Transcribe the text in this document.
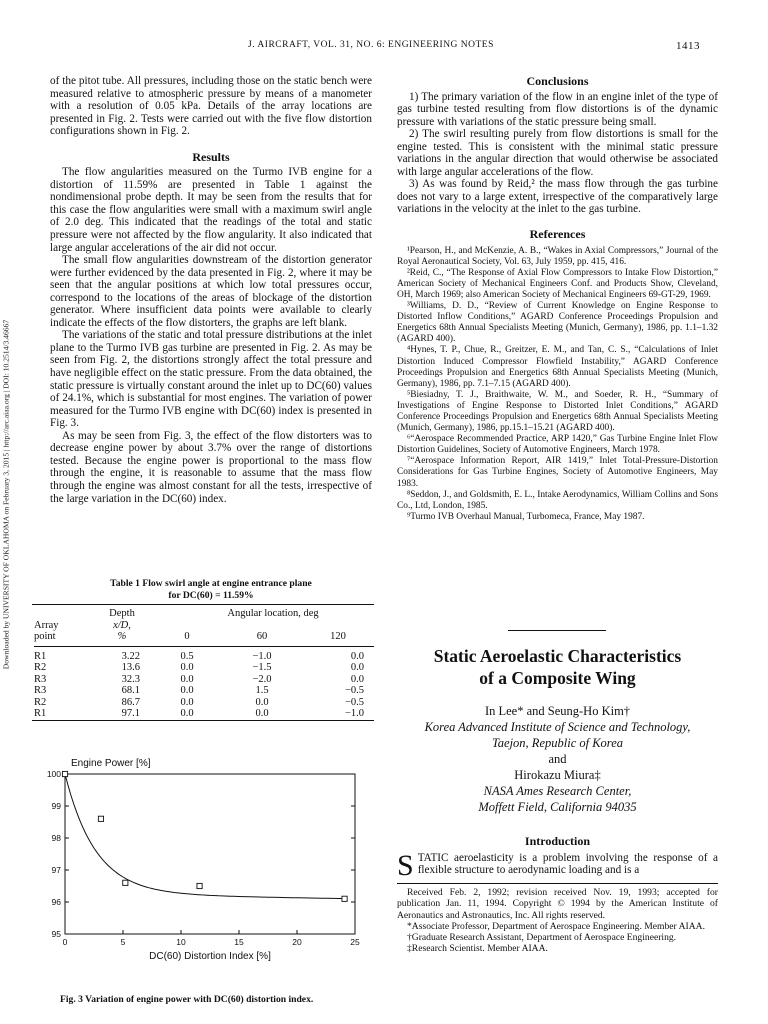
J. AIRCRAFT, VOL. 31, NO. 6: ENGINEERING NOTES	1413
Downloaded by UNIVERSITY OF OKLAHOMA on February 3, 2015 | http://arc.aiaa.org | DOI: 10.2514/3.46667

of the pitot tube. All pressures, including those on the static bench were measured relative to atmospheric pressure by means of a manometer with a resolution of 0.05 kPa. Details of the array locations are presented in Fig. 2. Tests were carried out with the five flow distortion configurations shown in Fig. 2.

Results

The flow angularities measured on the Turmo IVB engine for a distortion of 11.59% are presented in Table 1 against the nondimensional probe depth. It may be seen from the results that for this case the flow angularities were small with a maximum swirl angle of 2.0 deg. This indicated that the readings of the total and static pressure were not affected by the flow angularity. It also indicated that large angular accelerations of the air did not occur.

The small flow angularities downstream of the distortion generator were further evidenced by the data presented in Fig. 2, where it may be seen that the angular positions at which low total pressures occur, correspond to the locations of the areas of blockage of the distortion generator. Where insufficient data points were available to clearly indicate the effects of the flow distorters, the graphs are left blank.

The variations of the static and total pressure distributions at the inlet plane to the Turmo IVB gas turbine are presented in Fig. 2. As may be seen from Fig. 2, the distortions strongly affect the total pressure and have negligible effect on the static pressure. From the data obtained, the static pressure is virtually constant around the inlet up to DC(60) values of 24.1%, which is substantial for most engines. The variation of power measured for the Turmo IVB engine with DC(60) index is presented in Fig. 3.

As may be seen from Fig. 3, the effect of the flow distorters was to decrease engine power by about 3.7% over the range of distortions tested. Because the engine power is proportional to the mass flow through the engine, it is reasonable to assume that the mass flow through the engine was almost constant for all the tests, irrespective of the large variation in the DC(60) index.

Table 1 Flow swirl angle at engine entrance plane
for DC(60) = 11.59%
	Depth	Angular location, deg		
Array	x/D,			
point	%	0	60	120

R1	3.22	0.5	−1.0	0.0
R2	13.6	0.0	−1.5	0.0
R3	32.3	0.0	−2.0	0.0
R3	68.1	0.0	1.5	−0.5
R2	86.7	0.0	0.0	−0.5
R1	97.1	0.0	0.0	−1.0
95
96
97
98
99
100
0	5	10	15	20	25
Engine Power [%]
DC(60) Distortion Index [%]
Fig. 3 Variation of engine power with DC(60) distortion index.

Conclusions

1) The primary variation of the flow in an engine inlet of the type of gas turbine tested resulting from flow distortions is of the dynamic pressure with variations of the static pressure being small.

2) The swirl resulting purely from flow distortions is small for the engine tested. This is consistent with the minimal static pressure variations in the angular direction that would otherwise be associated with large angular accelerations of the flow.

3) As was found by Reid,² the mass flow through the gas turbine does not vary to a large extent, irrespective of the comparatively large variations in the velocity at the inlet to the gas turbine.

References

¹Pearson, H., and McKenzie, A. B., “Wakes in Axial Compressors,” Journal of the Royal Aeronautical Society, Vol. 63, July 1959, pp. 415, 416.

²Reid, C., “The Response of Axial Flow Compressors to Intake Flow Distortion,” American Society of Mechanical Engineers Conf. and Products Show, Cleveland, OH, March 1969; also American Society of Mechanical Engineers 69-GT-29, 1969.

³Williams, D. D., “Review of Current Knowledge on Engine Response to Distorted Inflow Conditions,” AGARD Conference Proceedings Propulsion and Energetics 68th Annual Specialists Meeting (Munich, Germany), 1986, pp. 1.1–1.32 (AGARD 400).

⁴Hynes, T. P., Chue, R., Greitzer, E. M., and Tan, C. S., “Calculations of Inlet Distortion Induced Compressor Flowfield Instability,” AGARD Conference Proceedings Propulsion and Energetics 68th Annual Specialists Meeting (Munich, Germany), 1986, pp. 7.1–7.15 (AGARD 400).

⁵Biesiadny, T. J., Braithwaite, W. M., and Soeder, R. H., “Summary of Investigations of Engine Response to Distorted Inlet Conditions,” AGARD Conference Proceedings Propulsion and Energetics 68th Annual Specialists Meeting (Munich, Germany), 1986, pp.15.1–15.21 (AGARD 400).

⁶“Aerospace Recommended Practice, ARP 1420,” Gas Turbine Engine Inlet Flow Distortion Guidelines, Society of Automotive Engineers, March 1978.

⁷“Aerospace Information Report, AIR 1419,” Inlet Total-Pressure-Distortion Considerations for Gas Turbine Engines, Society of Automotive Engineers, May 1983.

⁸Seddon, J., and Goldsmith, E. L., Intake Aerodynamics, William Collins and Sons Co., Ltd, London, 1985.

⁹Turmo IVB Overhaul Manual, Turbomeca, France, May 1987.

Static Aeroelastic Characteristics
of a Composite Wing
In Lee* and Seung-Ho Kim†
Korea Advanced Institute of Science and Technology,
Taejon, Republic of Korea
and
Hirokazu Miura‡
NASA Ames Research Center,
Moffett Field, California 94035
Introduction
S TATIC aeroelasticity is a problem involving the response of a flexible structure to aerodynamic loading and is a

Received Feb. 2, 1992; revision received Nov. 19, 1993; accepted for publication Jan. 11, 1994. Copyright © 1994 by the American Institute of Aeronautics and Astronautics, Inc. All rights reserved.

*Associate Professor, Department of Aerospace Engineering. Member AIAA.

†Graduate Research Assistant, Department of Aerospace Engineering.

‡Research Scientist. Member AIAA.
